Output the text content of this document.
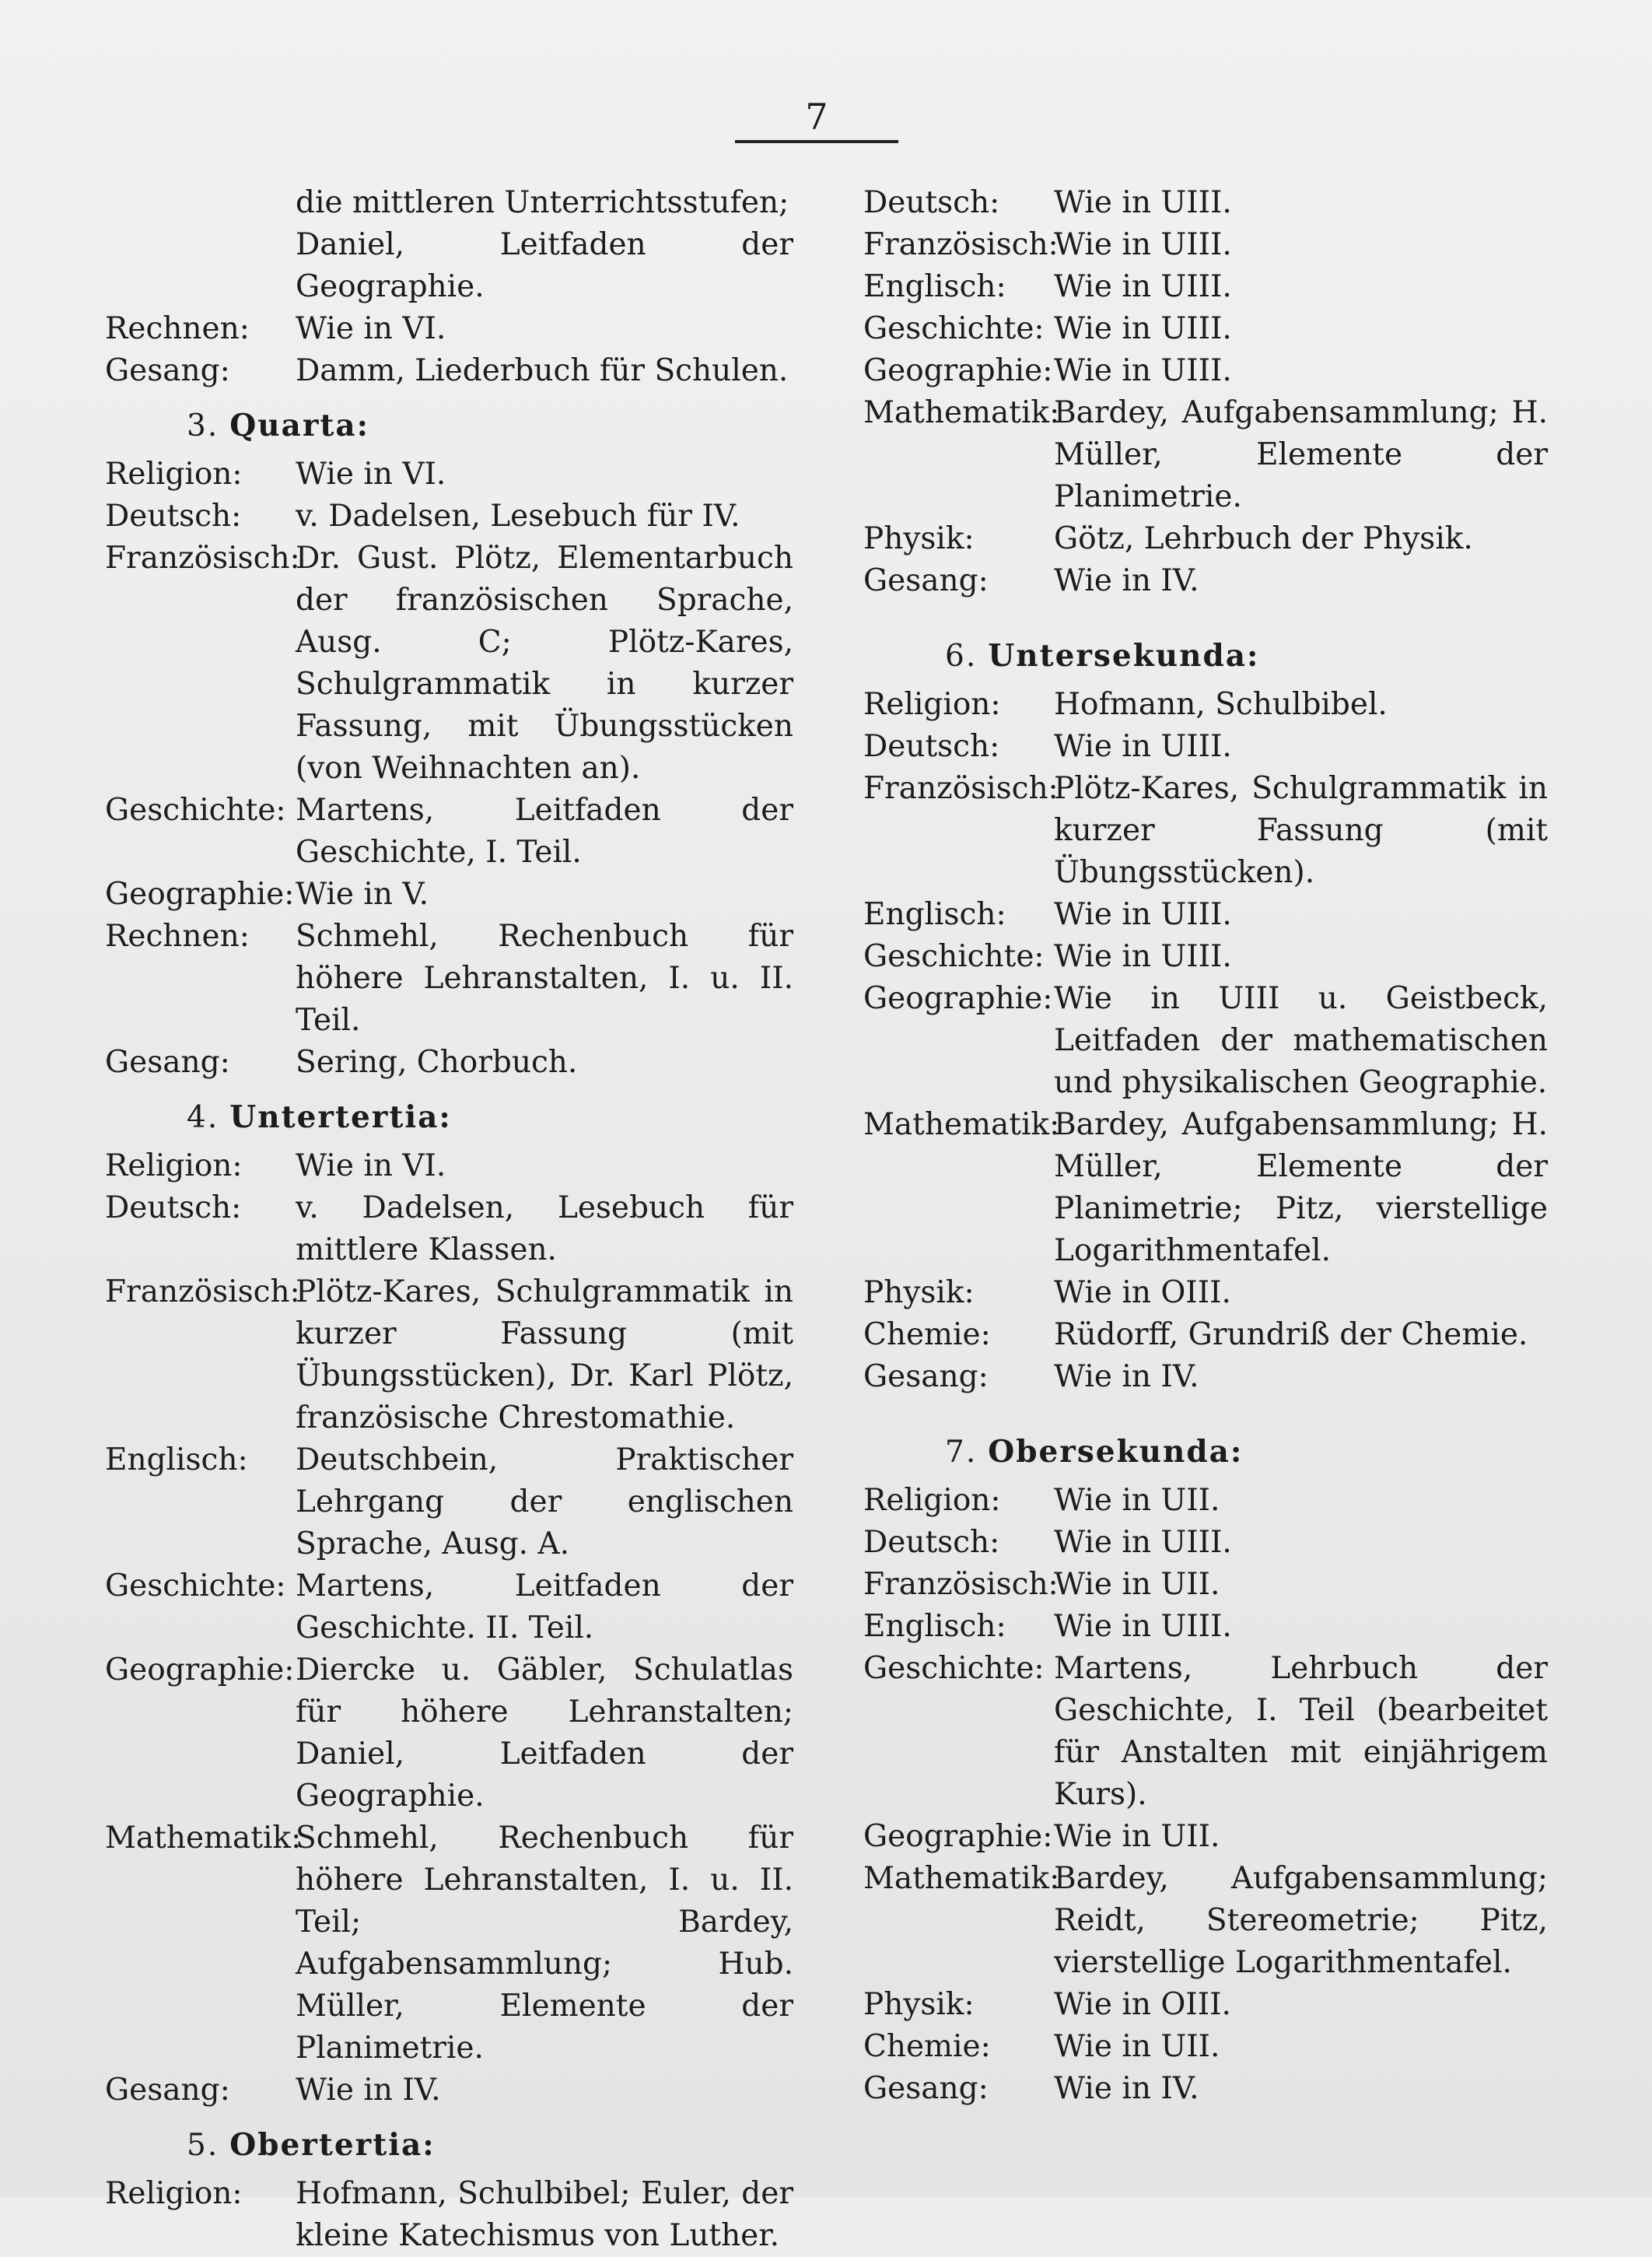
7
die mittleren Unterrichtsstufen;
Daniel, Leitfaden der Geographie.
Rechnen:	Wie in VI.
Gesang:	Damm, Liederbuch für Schulen.
3. Quarta:
Religion:	Wie in VI.
Deutsch:	v. Dadelsen, Lesebuch für IV.
Französisch:
Dr. Gust. Plötz, Elementarbuch der französischen Sprache, Ausg. C; Plötz-Kares, Schulgrammatik in kurzer Fassung, mit Übungsstücken (von Weihnachten an).
Geschichte: Martens, Leitfaden der Geschichte, I. Teil.
Geographie: Wie in V.
Rechnen:	Schmehl, Rechenbuch für höhere Lehranstalten, I. u. II. Teil.
Gesang:	Sering, Chorbuch.
4. Untertertia:
Religion:	Wie in VI.
Deutsch:	v. Dadelsen, Lesebuch für mittlere Klassen.
Französisch:
Plötz-Kares, Schulgrammatik in kurzer Fassung (mit Übungsstücken), Dr. Karl Plötz, französische Chrestomathie.
Englisch:	Deutschbein, Praktischer Lehrgang der englischen Sprache, Ausg. A.
Geschichte: Martens, Leitfaden der Geschichte. II. Teil.
Geographie: Diercke u. Gäbler, Schulatlas für höhere Lehranstalten; Daniel, Leitfaden der Geographie.
Mathematik:
Schmehl, Rechenbuch für höhere Lehranstalten, I. u. II. Teil; Bardey, Aufgabensammlung; Hub. Müller, Elemente der Planimetrie.
Gesang:	Wie in IV.
5. Obertertia:
Religion:	Hofmann, Schulbibel; Euler, der kleine Katechismus von Luther.
Deutsch:	Wie in UIII.
Französisch:
Wie in UIII.
Englisch:	Wie in UIII.
Geschichte: Wie in UIII.
Geographie: Wie in UIII.
Mathematik:
Bardey, Aufgabensammlung; H. Müller, Elemente der Planimetrie.
Physik:	Götz, Lehrbuch der Physik.
Gesang:	Wie in IV.
6. Untersekunda:
Religion:	Hofmann, Schulbibel.
Deutsch:	Wie in UIII.
Französisch:
Plötz-Kares, Schulgrammatik in kurzer Fassung (mit Übungsstücken).
Englisch:	Wie in UIII.
Geschichte: Wie in UIII.
Geographie: Wie in UIII u. Geistbeck, Leitfaden der mathematischen und physikalischen Geographie.
Mathematik:
Bardey, Aufgabensammlung; H. Müller, Elemente der Planimetrie; Pitz, vierstellige Logarithmentafel.
Physik:	Wie in OIII.
Chemie:	Rüdorff, Grundriß der Chemie.
Gesang:	Wie in IV.
7. Obersekunda:
Religion:	Wie in UII.
Deutsch:	Wie in UIII.
Französisch:
Wie in UII.
Englisch:	Wie in UIII.
Geschichte: Martens, Lehrbuch der Geschichte, I. Teil (bearbeitet für Anstalten mit einjährigem Kurs).
Geographie: Wie in UII.
Mathematik:
Bardey, Aufgabensammlung; Reidt, Stereometrie; Pitz, vierstellige Logarithmentafel.
Physik:	Wie in OIII.
Chemie:	Wie in UII.
Gesang:	Wie in IV.
